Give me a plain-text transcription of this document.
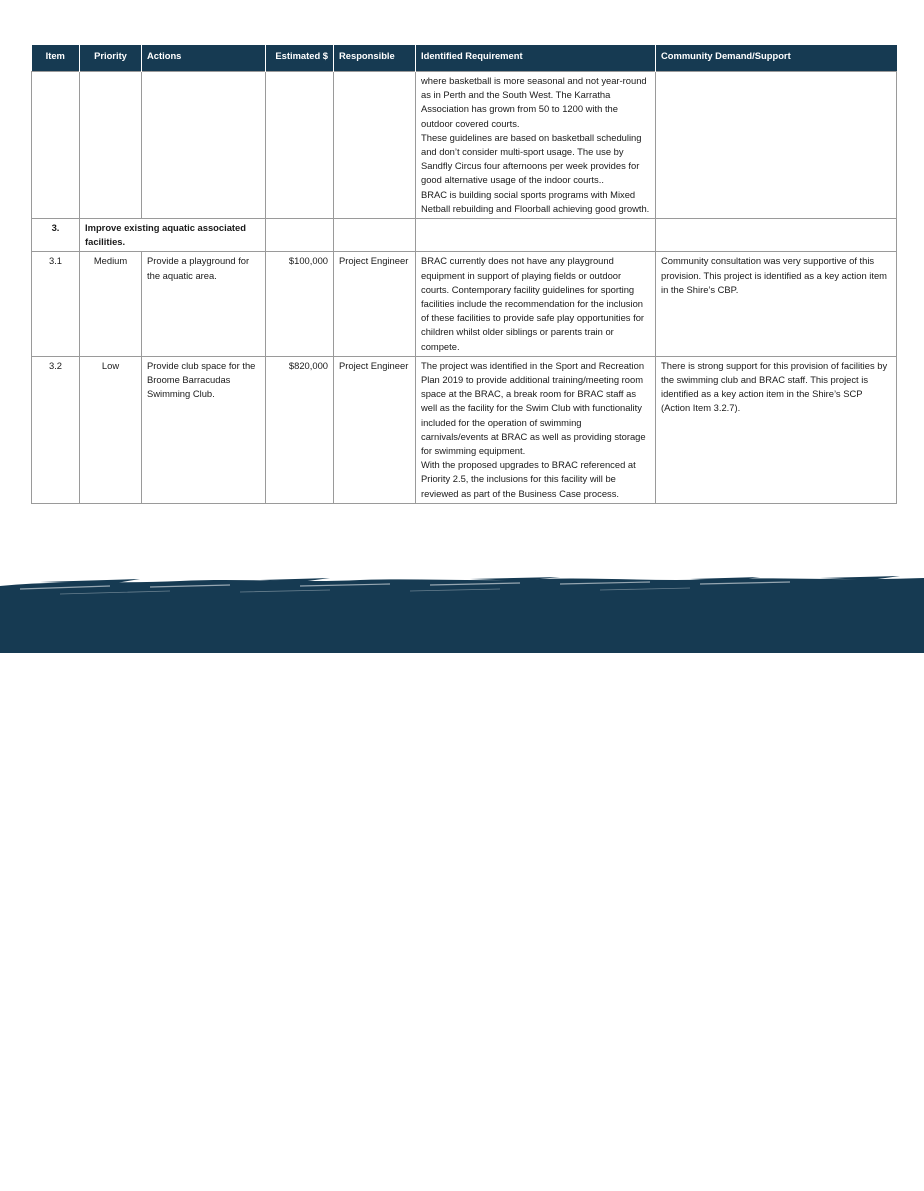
Item	Priority	Actions	Estimated $	Responsible	Identified Requirement	Community Demand/Support

					where basketball is more seasonal and not year-round as in Perth and the South West. The Karratha Association has grown from 50 to 1200 with the outdoor covered courts.
These guidelines are based on basketball scheduling and don’t consider multi-sport usage. The use by Sandfly Circus four afternoons per week provides for good alternative usage of the indoor courts..
BRAC is building social sports programs with Mixed Netball rebuilding and Floorball achieving good growth.	

3.	Improve existing aquatic associated facilities.					
3.1	Medium	Provide a playground for the aquatic area.	$100,000	Project Engineer	BRAC currently does not have any playground equipment in support of playing fields or outdoor courts. Contemporary facility guidelines for sporting facilities include the recommendation for the inclusion of these facilities to provide safe play opportunities for children whilst older siblings or parents train or compete.	Community consultation was very supportive of this provision. This project is identified as a key action item in the Shire’s CBP.
3.2	Low	Provide club space for the Broome Barracudas Swimming Club.	$820,000	Project Engineer	The project was identified in the Sport and Recreation Plan 2019 to provide additional training/meeting room space at the BRAC, a break room for BRAC staff as well as the facility for the Swim Club with functionality included for the operation of swimming carnivals/events at BRAC as well as providing storage for swimming equipment.
With the proposed upgrades to BRAC referenced at Priority 2.5, the inclusions for this facility will be reviewed as part of the Business Case process.	There is strong support for this provision of facilities by the swimming club and BRAC staff. This project is identified as a key action item in the Shire’s SCP (Action Item 3.2.7).
Shire of Broome Sport and Recreation Plan 39
